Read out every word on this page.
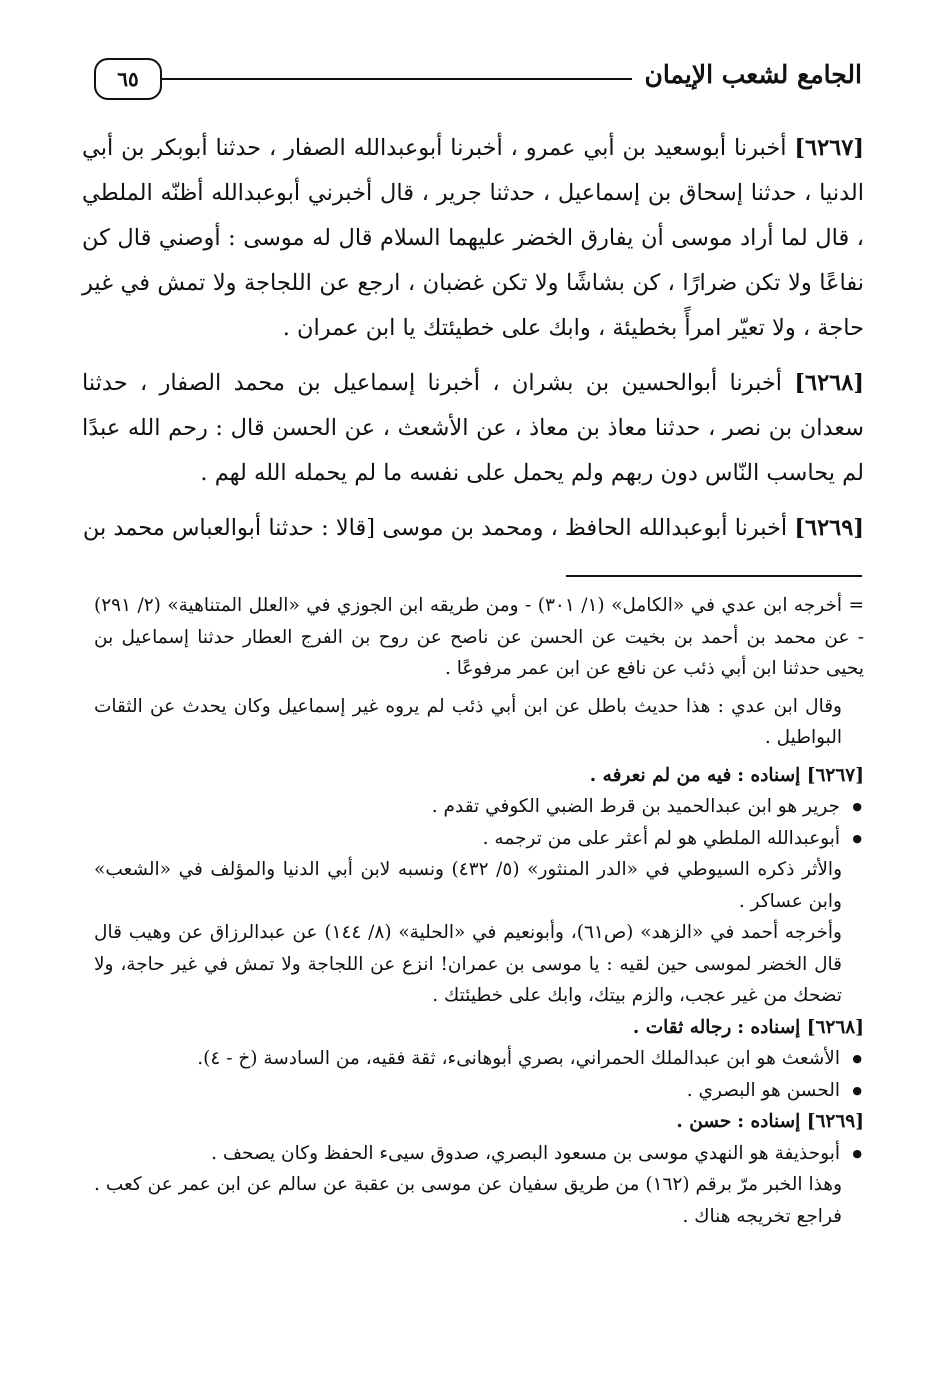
٦٥	الجامع لشعب الإيمان

[٦٢٦٧] أخبرنا أبوسعيد بن أبي عمرو ، أخبرنا أبوعبدالله الصفار ، حدثنا أبوبكر بن أبي الدنيا ، حدثنا إسحاق بن إسماعيل ، حدثنا جرير ، قال أخبرني أبوعبدالله أظنّه الملطي ، قال لما أراد موسى أن يفارق الخضر عليهما السلام قال له موسى : أوصني قال كن نفاعًا ولا تكن ضرارًا ، كن بشاشًا ولا تكن غضبان ، ارجع عن اللجاجة ولا تمش في غير حاجة ، ولا تعيّر امرأً بخطيئة ، وابك على خطيئتك يا ابن عمران .

[٦٢٦٨] أخبرنا أبوالحسين بن بشران ، أخبرنا إسماعيل بن محمد الصفار ، حدثنا سعدان بن نصر ، حدثنا معاذ بن معاذ ، عن الأشعث ، عن الحسن قال : رحم الله عبدًا لم يحاسب النّاس دون ربهم ولم يحمل على نفسه ما لم يحمله الله لهم .

[٦٢٦٩] أخبرنا أبوعبدالله الحافظ ، ومحمد بن موسى [قالا : حدثنا أبوالعباس محمد بن

= أخرجه ابن عدي في «الكامل» (١/ ٣٠١) - ومن طريقه ابن الجوزي في «العلل المتناهية» (٢/ ٢٩١) - عن محمد بن أحمد بن بخيت عن الحسن عن ناصح عن روح بن الفرج العطار حدثنا إسماعيل بن يحيى حدثنا ابن أبي ذئب عن نافع عن ابن عمر مرفوعًا .

وقال ابن عدي : هذا حديث باطل عن ابن أبي ذئب لم يروه غير إسماعيل وكان يحدث عن الثقات البواطيل .

[٦٢٦٧] إسناده : فيه من لم نعرفه .

● جرير هو ابن عبدالحميد بن قرط الضبي الكوفي تقدم .

● أبوعبدالله الملطي هو لم أعثر على من ترجمه .

والأثر ذكره السيوطي في «الدر المنثور» (٥/ ٤٣٢) ونسبه لابن أبي الدنيا والمؤلف في «الشعب» وابن عساكر .

وأخرجه أحمد في «الزهد» (ص٦١)، وأبونعيم في «الحلية» (٨/ ١٤٤) عن عبدالرزاق عن وهيب قال قال الخضر لموسى حين لقيه : يا موسى بن عمران! انزع عن اللجاجة ولا تمش في غير حاجة، ولا تضحك من غير عجب، والزم بيتك، وابك على خطيئتك .

[٦٢٦٨] إسناده : رجاله ثقات .

● الأشعث هو ابن عبدالملك الحمراني، بصري أبوهانىء، ثقة فقيه، من السادسة (خ - ٤).

● الحسن هو البصري .

[٦٢٦٩] إسناده : حسن .

● أبوحذيفة هو النهدي موسى بن مسعود البصري، صدوق سيىء الحفظ وكان يصحف .

وهذا الخبر مرّ برقم (١٦٢) من طريق سفيان عن موسى بن عقبة عن سالم عن ابن عمر عن كعب . فراجع تخريجه هناك .
